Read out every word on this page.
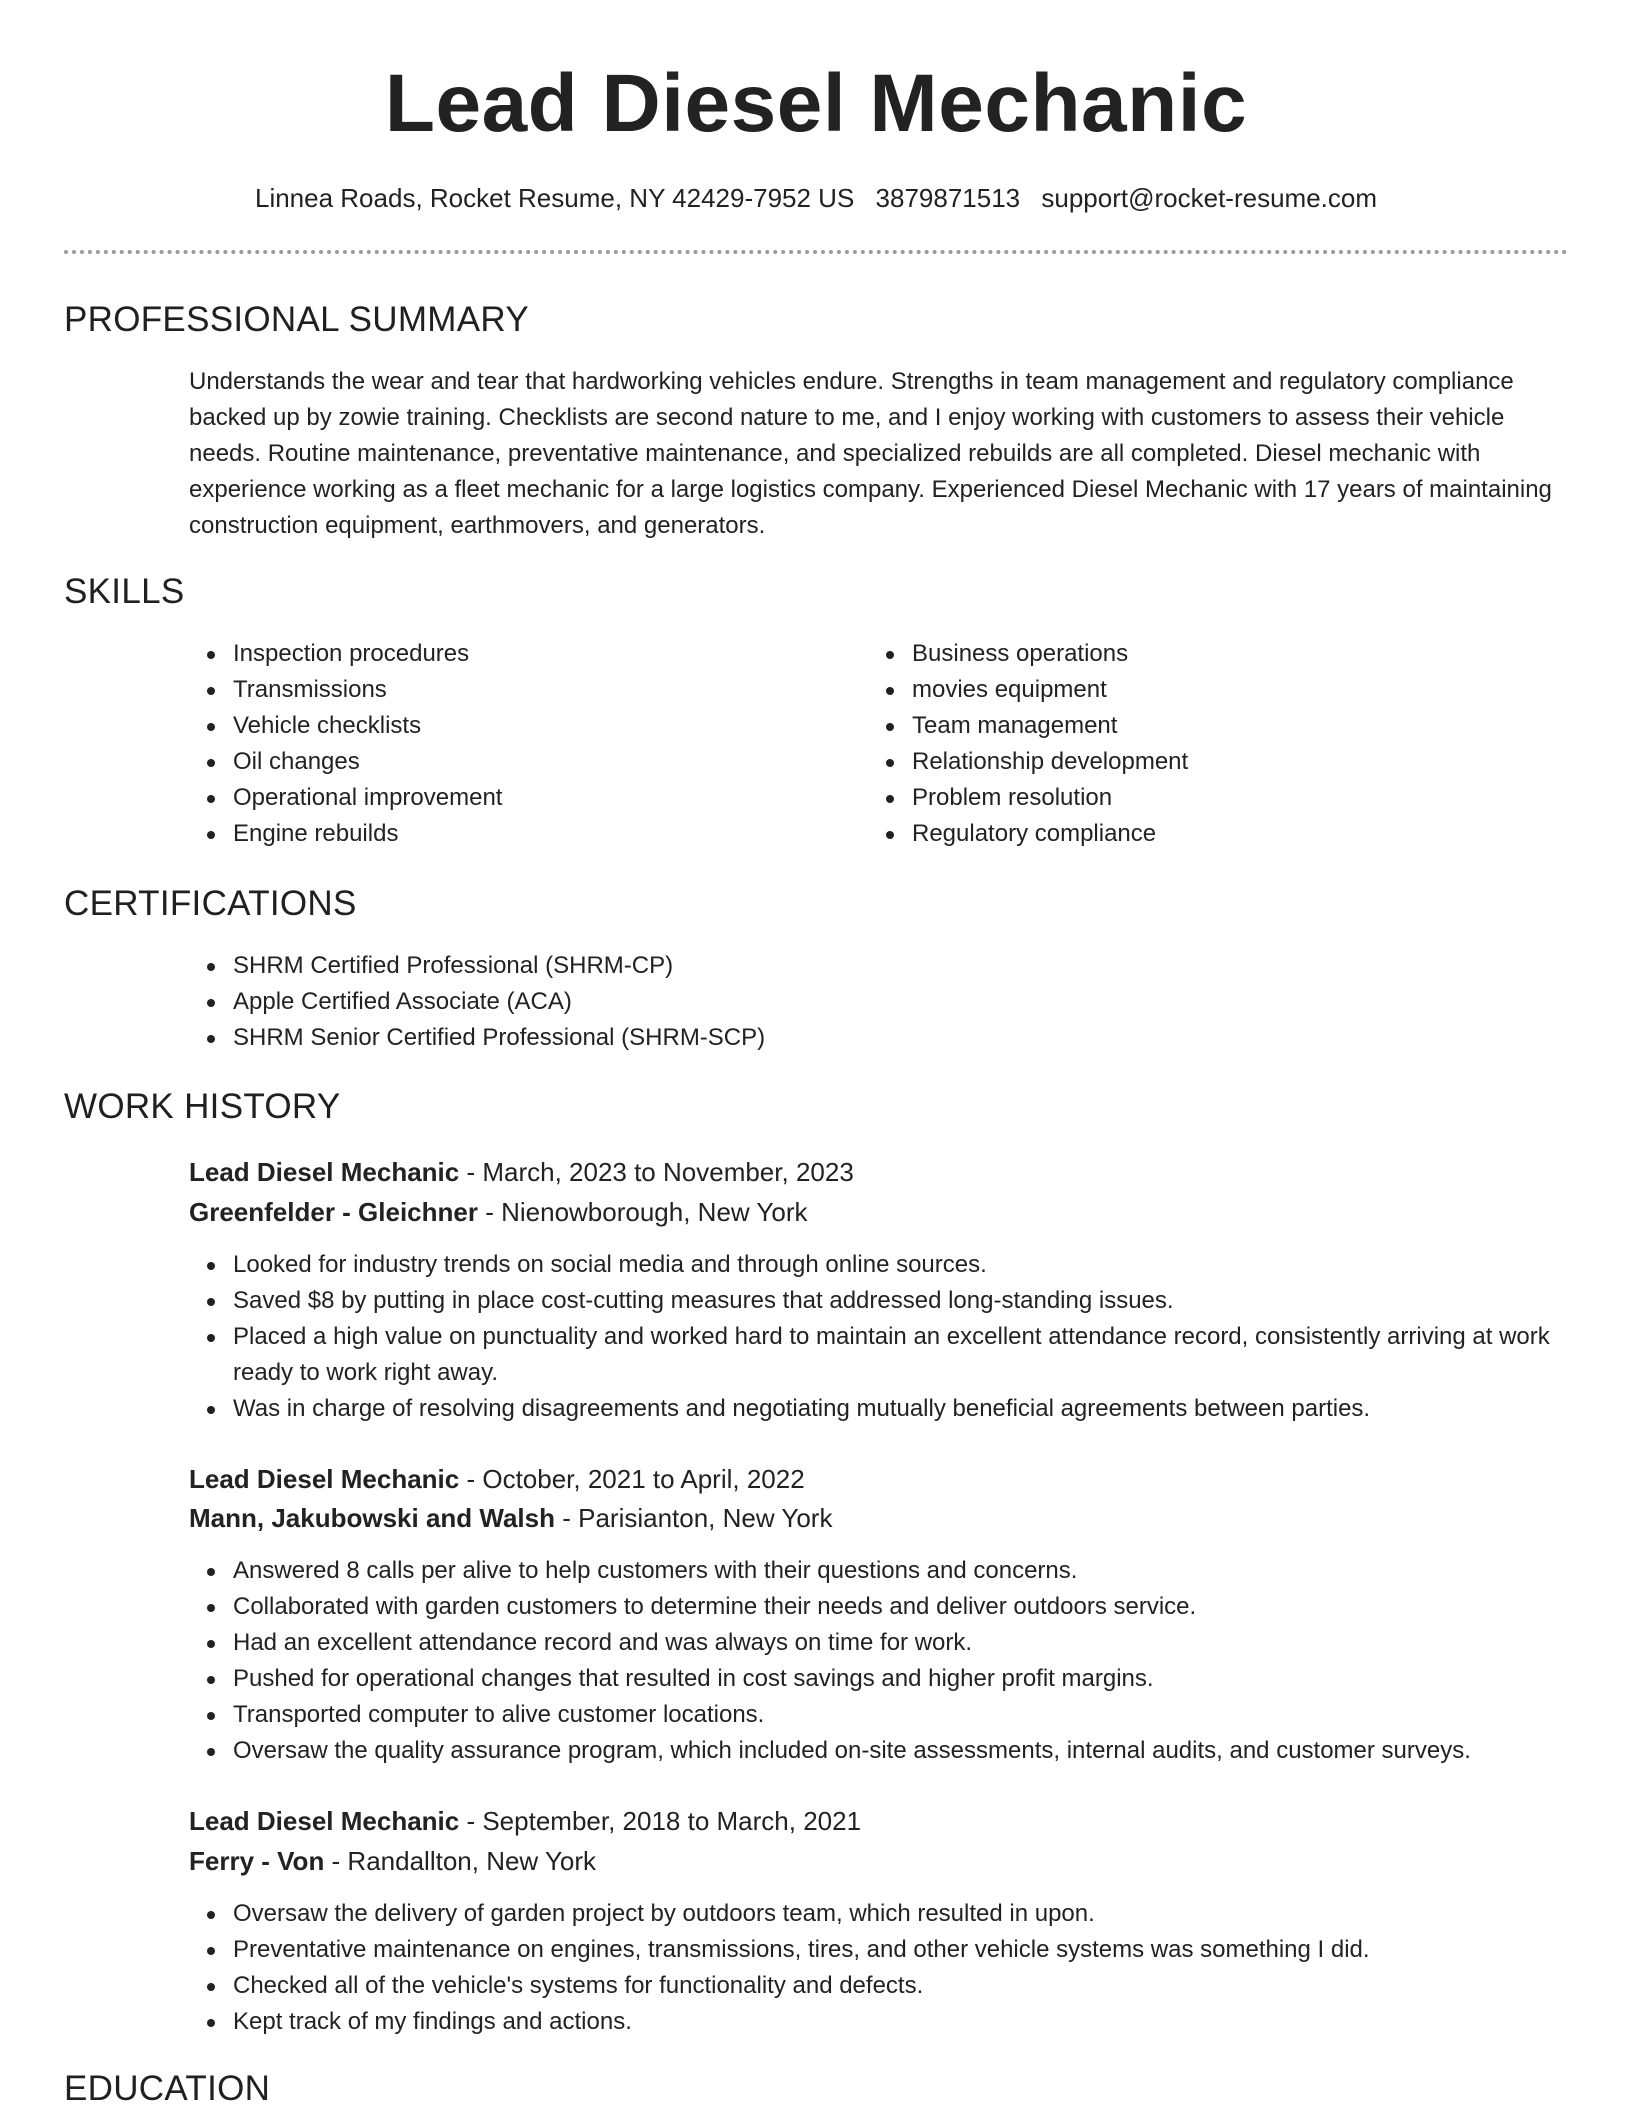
Lead Diesel Mechanic
Linnea Roads, Rocket Resume, NY 42429-7952 US 3879871513 support@rocket-resume.com
PROFESSIONAL SUMMARY

Understands the wear and tear that hardworking vehicles endure. Strengths in team management and regulatory compliance backed up by zowie training. Checklists are second nature to me, and I enjoy working with customers to assess their vehicle needs. Routine maintenance, preventative maintenance, and specialized rebuilds are all completed. Diesel mechanic with experience working as a fleet mechanic for a large logistics company. Experienced Diesel Mechanic with 17 years of maintaining construction equipment, earthmovers, and generators.

SKILLS
Inspection procedures
Transmissions
Vehicle checklists
Oil changes
Operational improvement
Engine rebuilds
Business operations
movies equipment
Team management
Relationship development
Problem resolution
Regulatory compliance
CERTIFICATIONS
SHRM Certified Professional (SHRM-CP)
Apple Certified Associate (ACA)
SHRM Senior Certified Professional (SHRM-SCP)
WORK HISTORY

Lead Diesel Mechanic - March, 2023 to November, 2023

Greenfelder - Gleichner - Nienowborough, New York

Looked for industry trends on social media and through online sources.
Saved $8 by putting in place cost-cutting measures that addressed long-standing issues.
Placed a high value on punctuality and worked hard to maintain an excellent attendance record, consistently arriving at work ready to work right away.
Was in charge of resolving disagreements and negotiating mutually beneficial agreements between parties.

Lead Diesel Mechanic - October, 2021 to April, 2022

Mann, Jakubowski and Walsh - Parisianton, New York

Answered 8 calls per alive to help customers with their questions and concerns.
Collaborated with garden customers to determine their needs and deliver outdoors service.
Had an excellent attendance record and was always on time for work.
Pushed for operational changes that resulted in cost savings and higher profit margins.
Transported computer to alive customer locations.
Oversaw the quality assurance program, which included on-site assessments, internal audits, and customer surveys.

Lead Diesel Mechanic - September, 2018 to March, 2021

Ferry - Von - Randallton, New York

Oversaw the delivery of garden project by outdoors team, which resulted in upon.
Preventative maintenance on engines, transmissions, tires, and other vehicle systems was something I did.
Checked all of the vehicle's systems for functionality and defects.
Kept track of my findings and actions.
EDUCATION
